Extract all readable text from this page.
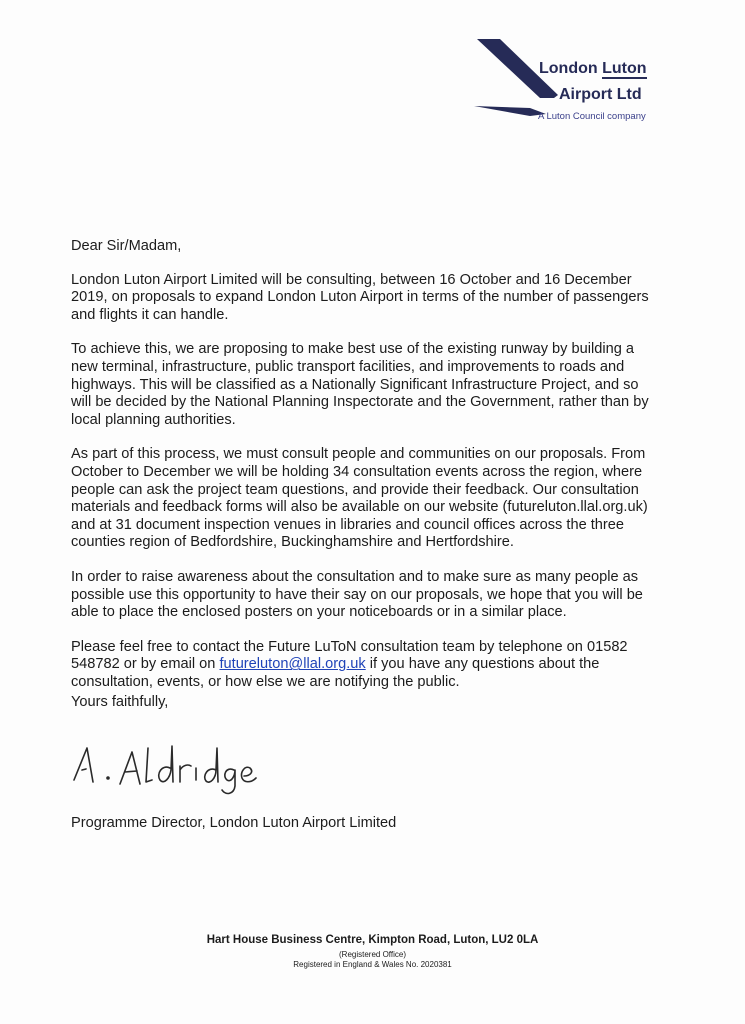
London Luton
Airport Ltd
A Luton Council company

Dear Sir/Madam,

London Luton Airport Limited will be consulting, between 16 October and 16 December 2019, on proposals to expand London Luton Airport in terms of the number of passengers and flights it can handle.

To achieve this, we are proposing to make best use of the existing runway by building a new terminal, infrastructure, public transport facilities, and improvements to roads and highways. This will be classified as a Nationally Significant Infrastructure Project, and so will be decided by the National Planning Inspectorate and the Government, rather than by local planning authorities.

As part of this process, we must consult people and communities on our proposals. From October to December we will be holding 34 consultation events across the region, where people can ask the project team questions, and provide their feedback. Our consultation materials and feedback forms will also be available on our website (futureluton.llal.org.uk) and at 31 document inspection venues in libraries and council offices across the three counties region of Bedfordshire, Buckinghamshire and Hertfordshire.

In order to raise awareness about the consultation and to make sure as many people as possible use this opportunity to have their say on our proposals, we hope that you will be able to place the enclosed posters on your noticeboards or in a similar place.

Please feel free to contact the Future LuToN consultation team by telephone on 01582 548782 or by email on futureluton@llal.org.uk if you have any questions about the consultation, events, or how else we are notifying the public.

Yours faithfully,
Programme Director, London Luton Airport Limited
Hart House Business Centre, Kimpton Road, Luton, LU2 0LA
(Registered Office)
Registered in England & Wales No. 2020381
